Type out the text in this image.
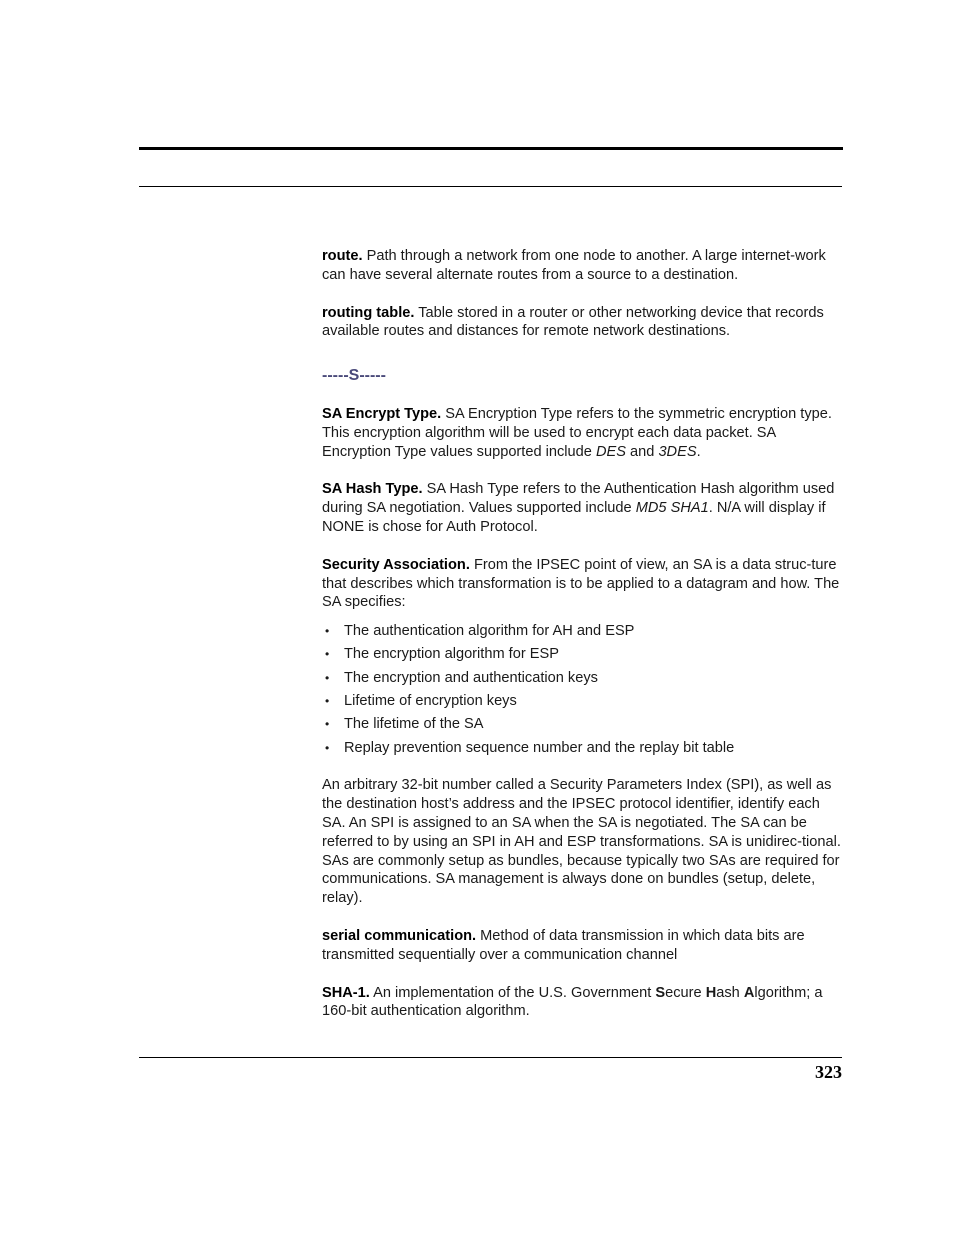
route. Path through a network from one node to another. A large internet-work can have several alternate routes from a source to a destination.

routing table. Table stored in a router or other networking device that records available routes and distances for remote network destinations.

-----S-----

SA Encrypt Type. SA Encryption Type refers to the symmetric encryption type. This encryption algorithm will be used to encrypt each data packet. SA Encryption Type values supported include DES and 3DES.

SA Hash Type. SA Hash Type refers to the Authentication Hash algorithm used during SA negotiation. Values supported include MD5 SHA1. N/A will display if NONE is chose for Auth Protocol.

Security Association. From the IPSEC point of view, an SA is a data struc-ture that describes which transformation is to be applied to a datagram and how. The SA specifies:

• The authentication algorithm for AH and ESP
• The encryption algorithm for ESP
• The encryption and authentication keys
• Lifetime of encryption keys
• The lifetime of the SA
• Replay prevention sequence number and the replay bit table

An arbitrary 32-bit number called a Security Parameters Index (SPI), as well as the destination host’s address and the IPSEC protocol identifier, identify each SA. An SPI is assigned to an SA when the SA is negotiated. The SA can be referred to by using an SPI in AH and ESP transformations. SA is unidirec-tional. SAs are commonly setup as bundles, because typically two SAs are required for communications. SA management is always done on bundles (setup, delete, relay).

serial communication. Method of data transmission in which data bits are transmitted sequentially over a communication channel

SHA-1. An implementation of the U.S. Government Secure Hash Algorithm; a 160-bit authentication algorithm.

323
